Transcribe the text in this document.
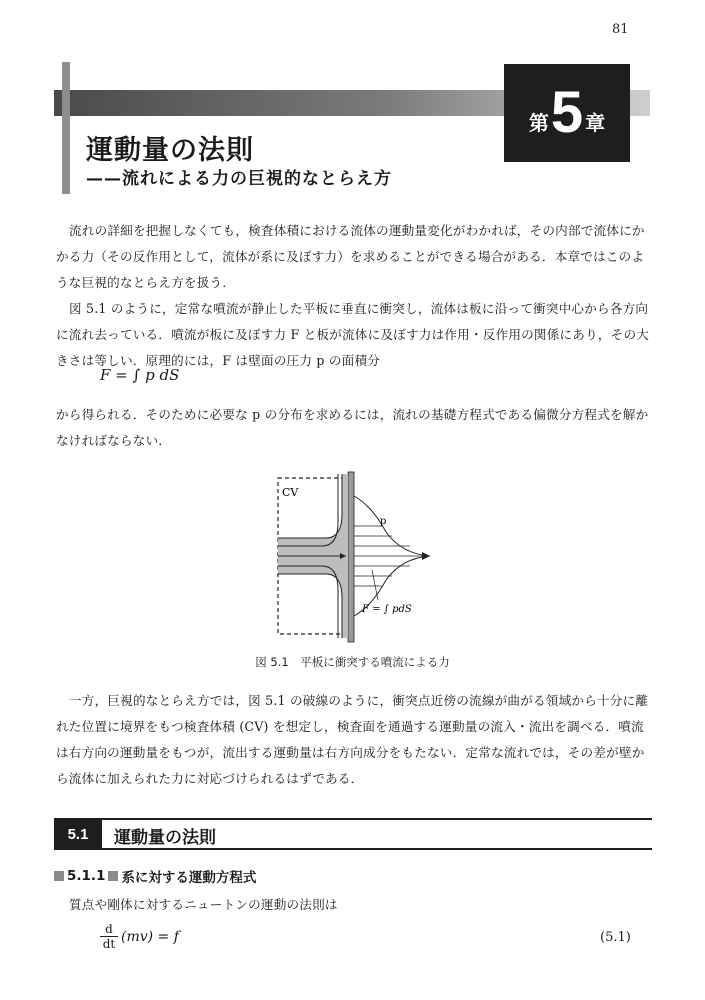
81
第 5 章
運動量の法則
——流れによる力の巨視的なとらえ方

流れの詳細を把握しなくても，検査体積における流体の運動量変化がわかれば，その内部で流体にかかる力（その反作用として，流体が系に及ぼす力）を求めることができる場合がある．本章ではこのような巨視的なとらえ方を扱う．

図 5.1 のように，定常な噴流が静止した平板に垂直に衝突し，流体は板に沿って衝突中心から各方向に流れ去っている．噴流が板に及ぼす力 F と板が流体に及ぼす力は作用・反作用の関係にあり，その大きさは等しい．原理的には，F は壁面の圧力 p の面積分

F = ∫ p dS

から得られる．そのために必要な p の分布を求めるには，流れの基礎方程式である偏微分方程式を解かなければならない．

CV
p
F = ∫ pdS
図 5.1　平板に衝突する噴流による力

一方，巨視的なとらえ方では，図 5.1 の破線のように，衝突点近傍の流線が曲がる領域から十分に離れた位置に境界をもつ検査体積 (CV) を想定し，検査面を通過する運動量の流入・流出を調べる．噴流は右方向の運動量をもつが，流出する運動量は右方向成分をもたない．定常な流れでは，その差が壁から流体に加えられた力に対応づけられるはずである．

5.1	運動量の法則
5.1.1 系に対する運動方程式

質点や剛体に対するニュートンの運動の法則は

$\frac{d}{dt} (mv) = f$	(5.1)
